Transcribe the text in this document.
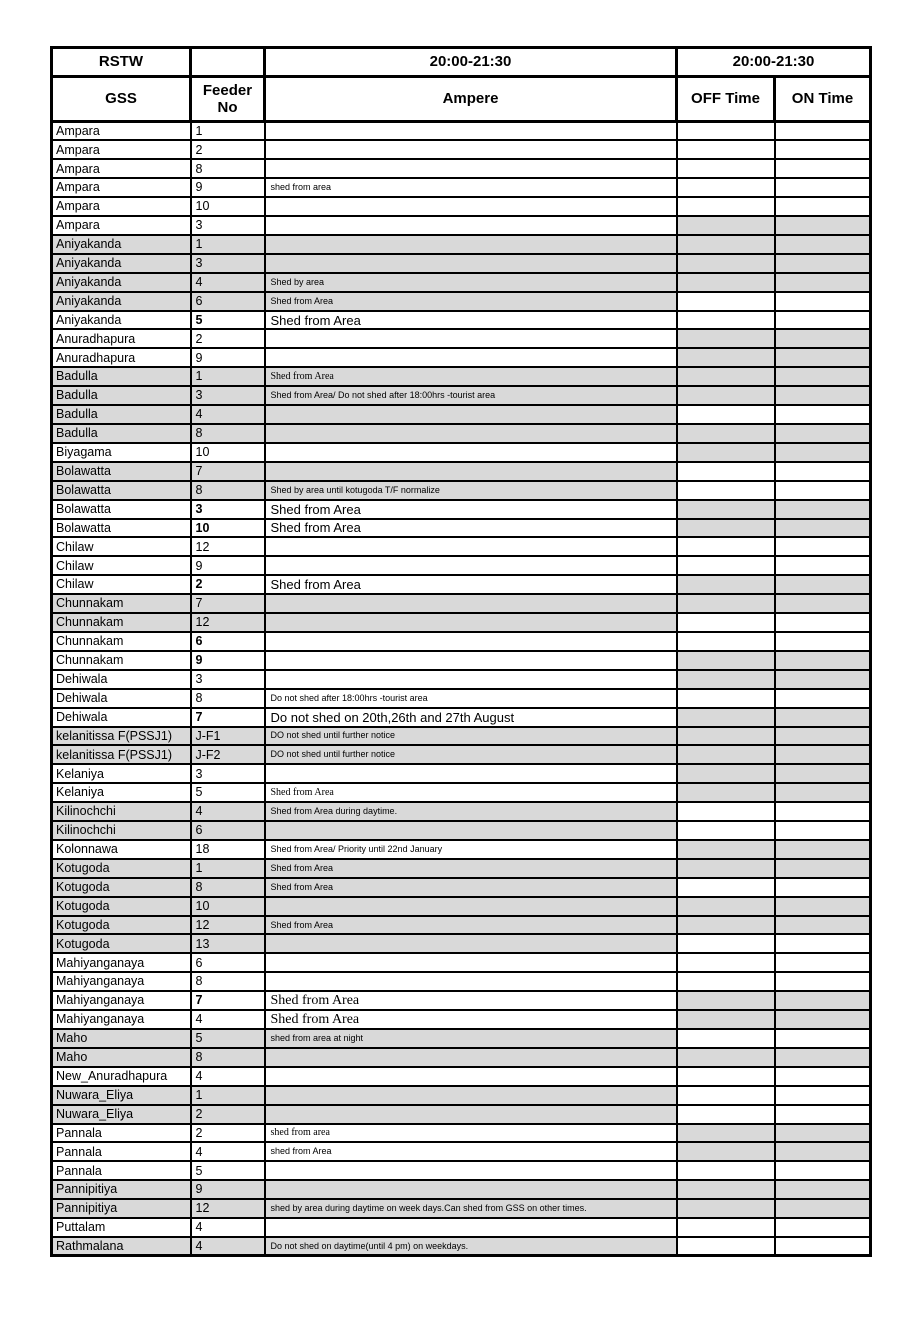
RSTW		20:00-21:30	20:00-21:30	
GSS	Feeder No	Ampere	OFF Time	ON Time
Ampara	1			
Ampara	2			
Ampara	8			
Ampara	9	shed from area		
Ampara	10			
Ampara	3			
Aniyakanda	1			
Aniyakanda	3			
Aniyakanda	4	Shed by area		
Aniyakanda	6	Shed from Area		
Aniyakanda	5	Shed from Area		
Anuradhapura	2			
Anuradhapura	9			
Badulla	1	Shed from Area		
Badulla	3	Shed from Area/ Do not shed after 18:00hrs -tourist area		
Badulla	4			
Badulla	8			
Biyagama	10			
Bolawatta	7			
Bolawatta	8	Shed by area until kotugoda T/F normalize		
Bolawatta	3	Shed from Area		
Bolawatta	10	Shed from Area		
Chilaw	12			
Chilaw	9			
Chilaw	2	Shed from Area		
Chunnakam	7			
Chunnakam	12			
Chunnakam	6			
Chunnakam	9			
Dehiwala	3			
Dehiwala	8	Do not shed after 18:00hrs -tourist area		
Dehiwala	7	Do not shed on 20th,26th and 27th August		
kelanitissa F(PSSJ1)	J-F1	DO not shed until further notice		
kelanitissa F(PSSJ1)	J-F2	DO not shed until further notice		
Kelaniya	3			
Kelaniya	5	Shed from Area		
Kilinochchi	4	Shed from Area during daytime.		
Kilinochchi	6			
Kolonnawa	18	Shed from Area/ Priority until 22nd January		
Kotugoda	1	Shed from Area		
Kotugoda	8	Shed from Area		
Kotugoda	10			
Kotugoda	12	Shed from Area		
Kotugoda	13			
Mahiyanganaya	6			
Mahiyanganaya	8			
Mahiyanganaya	7	Shed from Area		
Mahiyanganaya	4	Shed from Area		
Maho	5	shed from area at night		
Maho	8			
New_Anuradhapura	4			
Nuwara_Eliya	1			
Nuwara_Eliya	2			
Pannala	2	shed from area		
Pannala	4	shed from Area		
Pannala	5			
Pannipitiya	9			
Pannipitiya	12	shed by area during daytime on week days.Can shed from GSS on other times.		
Puttalam	4			
Rathmalana	4	Do not shed on daytime(until 4 pm) on weekdays.		
